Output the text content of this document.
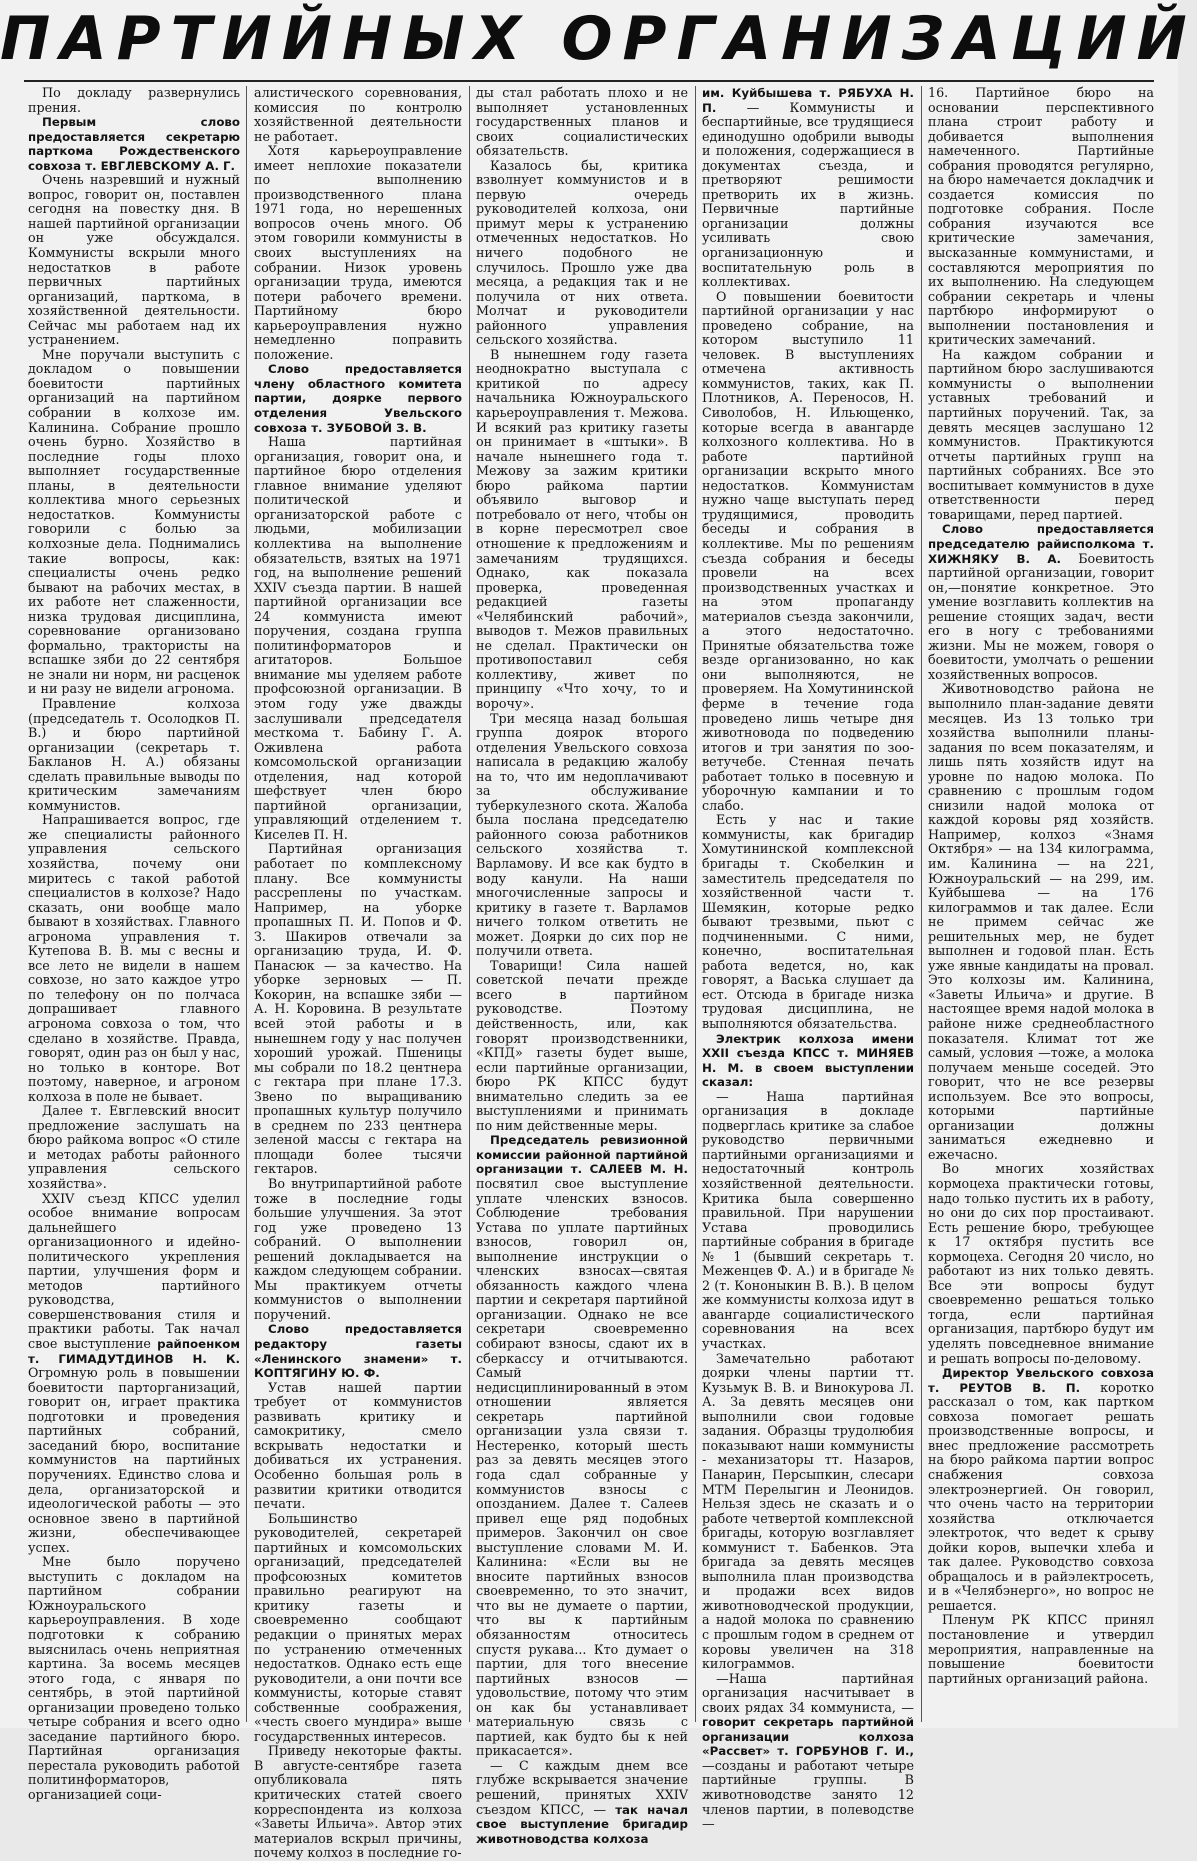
ПАРТИЙНЫХ ОРГАНИЗАЦИЙ

По докладу развернулись прения.

Первым слово предоставляется секретарю парткома Рождественского совхоза т. ЕВГЛЕВСКОМУ А. Г.

Очень назревший и нужный вопрос, говорит он, поставлен сегодня на повестку дня. В нашей партийной организации он уже обсуждался. Коммунисты вскрыли много недостатков в работе первичных партийных организаций, парткома, в хозяйственной деятельности. Сейчас мы работаем над их устранением.

Мне поручали выступить с докладом о повышении боевитости партийных организаций на партийном собрании в колхозе им. Калинина. Собрание прошло очень бурно. Хозяйство в последние годы плохо выполняет государственные планы, в деятельности коллектива много серьезных недостатков. Коммунисты говорили с болью за колхозные дела. Поднимались такие вопросы, как: специалисты очень редко бывают на рабочих местах, в их работе нет слаженности, низка трудовая дисциплина, соревнование организовано формально, трактористы на вспашке зяби до 22 сентября не знали ни норм, ни расценок и ни разу не видели агронома.

Правление колхоза (председатель т. Осолодков П. В.) и бюро партийной организации (секретарь т. Бакланов Н. А.) обязаны сделать правильные выводы по критическим замечаниям коммунистов.

Напрашивается вопрос, где же специалисты районного управления сельского хозяйства, почему они миритесь с такой работой специалистов в колхозе? Надо сказать, они вообще мало бывают в хозяйствах. Главного агронома управления т. Кутепова В. В. мы с весны и все лето не видели в нашем совхозе, но зато каждое утро по телефону он по полчаса допрашивает главного агронома совхоза о том, что сделано в хозяйстве. Правда, говорят, один раз он был у нас, но только в конторе. Вот поэтому, наверное, и агроном колхоза в поле не бывает.

Далее т. Евглевский вносит предложение заслушать на бюро райкома вопрос «О стиле и методах работы районного управления сельского хозяйства».

XXIV съезд КПСС уделил особое внимание вопросам дальнейшего организационного и идейно-политического укрепления партии, улучшения форм и методов партийного руководства, совершенствования стиля и практики работы. Так начал свое выступление райпоенком т. ГИМАДУТДИНОВ Н. К. Огромную роль в повышении боевитости парторганизаций, говорит он, играет практика подготовки и проведения партийных собраний, заседаний бюро, воспитание коммунистов на партийных поручениях. Единство слова и дела, организаторской и идеологической работы — это основное звено в партийной жизни, обеспечивающее успех.

Мне было поручено выступить с докладом на партийном собрании Южноуральского карьероуправления. В ходе подготовки к собранию выяснилась очень неприятная картина. За восемь месяцев этого года, с января по сентябрь, в этой партийной организации проведено только четыре собрания и всего одно заседание партийного бюро. Партийная организация перестала руководить работой политинформаторов, организацией соци-

алистического соревнования, комиссия по контролю хозяйственной деятельности не работает.

Хотя карьероуправление имеет неплохие показатели по выполнению производственного плана 1971 года, но нерешенных вопросов очень много. Об этом говорили коммунисты в своих выступлениях на собрании. Низок уровень организации труда, имеются потери рабочего времени. Партийному бюро карьероуправления нужно немедленно поправить положение.

Слово предоставляется члену областного комитета партии, доярке первого отделения Увельского совхоза т. ЗУБОВОЙ З. В.

Наша партийная организация, говорит она, и партийное бюро отделения главное внимание уделяют политической и организаторской работе с людьми, мобилизации коллектива на выполнение обязательств, взятых на 1971 год, на выполнение решений XXIV съезда партии. В нашей партийной организации все 24 коммуниста имеют поручения, создана группа политинформаторов и агитаторов. Большое внимание мы уделяем работе профсоюзной организации. В этом году уже дважды заслушивали председателя месткома т. Бабину Г. А. Оживлена работа комсомольской организации отделения, над которой шефствует член бюро партийной организации, управляющий отделением т. Киселев П. Н.

Партийная организация работает по комплексному плану. Все коммунисты расcреплены по участкам. Например, на уборке пропашных П. И. Попов и Ф. З. Шакиров отвечали за организацию труда, И. Ф. Панасюк — за качество. На уборке зерновых — П. Кокорин, на вспашке зяби — А. Н. Коровина. В результате всей этой работы и в нынешнем году у нас получен хороший урожай. Пшеницы мы собрали по 18.2 центнера с гектара при плане 17.3. Звено по выращиванию пропашных культур получило в среднем по 233 центнера зеленой массы с гектара на площади более тысячи гектаров.

Во внутрипартийной работе тоже в последние годы большие улучшения. За этот год уже проведено 13 собраний. О выполнении решений докладывается на каждом следующем собрании. Мы практикуем отчеты коммунистов о выполнении поручений.

Слово предоставляется редактору газеты «Ленинского знамени» т. КОПТЯГИНУ Ю. Ф.

Устав нашей партии требует от коммунистов развивать критику и самокритику, смело вскрывать недостатки и добиваться их устранения. Особенно большая роль в развитии критики отводится печати.

Большинство руководителей, секретарей партийных и комсомольских организаций, председателей профсоюзных комитетов правильно реагируют на критику газеты и своевременно сообщают редакции о принятых мерах по устранению отмеченных недостатков. Однако есть еще руководители, а они почти все коммунисты, которые ставят собственные соображения, «честь своего мундира» выше государственных интересов.

Приведу некоторые факты. В августе-сентябре газета опубликовала пять критических статей своего корреспондента из колхоза «Заветы Ильича». Автор этих материалов вскрыл причины, почему колхоз в последние го-

ды стал работать плохо и не выполняет установленных государственных планов и своих социалистических обязательств.

Казалось бы, критика взволнует коммунистов и в первую очередь руководителей колхоза, они примут меры к устранению отмеченных недостатков. Но ничего подобного не случилось. Прошло уже два месяца, а редакция так и не получила от них ответа. Молчат и руководители районного управления сельского хозяйства.

В нынешнем году газета неоднократно выступала с критикой по адресу начальника Южноуральского карьероуправления т. Межова. И всякий раз критику газеты он принимает в «штыки». В начале нынешнего года т. Межову за зажим критики бюро райкома партии объявило выговор и потребовало от него, чтобы он в корне пересмотрел свое отношение к предложениям и замечаниям трудящихся. Однако, как показала проверка, проведенная редакцией газеты «Челябинский рабочий», выводов т. Межов правильных не сделал. Практически он противопоставил себя коллективу, живет по принципу «Что хочу, то и ворочу».

Три месяца назад большая группа доярок второго отделения Увельского совхоза написала в редакцию жалобу на то, что им недоплачивают за обслуживание туберкулезного скота. Жалоба была послана председателю районного союза работников сельского хозяйства т. Варламову. И все как будто в воду канули. На наши многочисленные запросы и критику в газете т. Варламов ничего толком ответить не может. Доярки до сих пор не получили ответа.

Товарищи! Сила нашей советской печати прежде всего в партийном руководстве. Поэтому действенность, или, как говорят производственники, «КПД» газеты будет выше, если партийные организации, бюро РК КПСС будут внимательно следить за ее выступлениями и принимать по ним действенные меры.

Председатель ревизионной комиссии районной партийной организации т. САЛЕЕВ М. Н. посвятил свое выступление уплате членских взносов. Соблюдение требования Устава по уплате партийных взносов, говорил он, выполнение инструкции о членских взносах—святая обязанность каждого члена партии и секретаря партийной организации. Однако не все секретари своевременно собирают взносы, сдают их в сберкассу и отчитываются. Самый недисциплинированный в этом отношении является секретарь партийной организации узла связи т. Нестеренко, который шесть раз за девять месяцев этого года сдал собранные у коммунистов взносы с опозданием. Далее т. Салеев привел еще ряд подобных примеров. Закончил он свое выступление словами М. И. Калинина: «Если вы не вносите партийных взносов своевременно, то это значит, что вы не думаете о партии, что вы к партийным обязанностям относитесь спустя рукава... Кто думает о партии, для того внесение партийных взносов — удовольствие, потому что этим он как бы устанавливает материальную связь с партией, как будто бы к ней прикасается».

— С каждым днем все глубже вскрывается значение решений, принятых XXIV съездом КПСС, — так начал свое выступление бригадир животноводства колхоза

им. Куйбышева т. РЯБУХА Н. П. — Коммунисты и беспартийные, все трудящиеся единодушно одобрили выводы и положения, содержащиеся в документах съезда, и претворяют решимости претворить их в жизнь. Первичные партийные организации должны усиливать свою организационную и воспитательную роль в коллективах.

О повышении боевитости партийной организации у нас проведено собрание, на котором выступило 11 человек. В выступлениях отмечена активность коммунистов, таких, как П. Плотников, А. Переносов, Н. Сиволобов, Н. Ильющенко, которые всегда в авангарде колхозного коллектива. Но в работе партийной организации вскрыто много недостатков. Коммунистам нужно чаще выступать перед трудящимися, проводить беседы и собрания в коллективе. Мы по решениям съезда собрания и беседы провели на всех производственных участках и на этом пропаганду материалов съезда закончили, а этого недостаточно. Принятые обязательства тоже везде организованно, но как они выполняются, не проверяем. На Хомутининской ферме в течение года проведено лишь четыре дня животновода по подведению итогов и три занятия по зооветучебе. Стенная печать работает только в посевную и уборочную кампании и то слабо.

Есть у нас и такие коммунисты, как бригадир Хомутининской комплексной бригады т. Скобелкин и заместитель председателя по хозяйственной части т. Шемякин, которые редко бывают трезвыми, пьют с подчиненными. С ними, конечно, воспитательная работа ведется, но, как говорят, а Васька слушает да ест. Отсюда в бригаде низка трудовая дисциплина, не выполняются обязательства.

Электрик колхоза имени XXII съезда КПСС т. МИНЯЕВ Н. М. в своем выступлении сказал:

— Наша партийная организация в докладе подверглась критике за слабое руководство первичными партийными организациями и недостаточный контроль хозяйственной деятельности. Критика была совершенно правильной. При нарушении Устава проводились партийные собрания в бригаде № 1 (бывший секретарь т. Меженцев Ф. А.) и в бригаде № 2 (т. Кононыкин В. В.). В целом же коммунисты колхоза идут в авангарде социалистического соревнования на всех участках.

Замечательно работают доярки члены партии тт. Кузьмук В. В. и Винокурова Л. А. За девять месяцев они выполнили свои годовые задания. Образцы трудолюбия показывают наши коммунисты - механизаторы тт. Назаров, Панарин, Персыпкин, слесари МТМ Перелыгин и Леонидов. Нельзя здесь не сказать и о работе четвертой комплексной бригады, которую возглавляет коммунист т. Бабенков. Эта бригада за девять месяцев выполнила план производства и продажи всех видов животноводческой продукции, а надой молока по сравнению с прошлым годом в среднем от коровы увеличен на 318 килограммов.

—Наша партийная организация насчитывает в своих рядах 34 коммуниста, — говорит секретарь партийной организации колхоза «Рассвет» т. ГОРБУНОВ Г. И., —созданы и работают четыре партийные группы. В животноводстве занято 12 членов партии, в полеводстве —

16. Партийное бюро на основании перспективного плана строит работу и добивается выполнения намеченного. Партийные собрания проводятся регулярно, на бюро намечается докладчик и создается комиссия по подготовке собрания. После собрания изучаются все критические замечания, высказанные коммунистами, и составляются мероприятия по их выполнению. На следующем собрании секретарь и члены партбюро информируют о выполнении постановления и критических замечаний.

На каждом собрании и партийном бюро заслушиваются коммунисты о выполнении уставных требований и партийных поручений. Так, за девять месяцев заслушано 12 коммунистов. Практикуются отчеты партийных групп на партийных собраниях. Все это воспитывает коммунистов в духе ответственности перед товарищами, перед партией.

Слово предоставляется председателю райисполкома т. ХИЖНЯКУ В. А. Боевитость партийной организации, говорит он,—понятие конкретное. Это умение возглавить коллектив на решение стоящих задач, вести его в ногу с требованиями жизни. Мы не можем, говоря о боевитости, умолчать о решении хозяйственных вопросов.

Животноводство района не выполнило план-задание девяти месяцев. Из 13 только три хозяйства выполнили планы-задания по всем показателям, и лишь пять хозяйств идут на уровне по надою молока. По сравнению с прошлым годом снизили надой молока от каждой коровы ряд хозяйств. Например, колхоз «Знамя Октября» — на 134 килограмма, им. Калинина — на 221, Южноуральский — на 299, им. Куйбышева — на 176 килограммов и так далее. Если не примем сейчас же решительных мер, не будет выполнен и годовой план. Есть уже явные кандидаты на провал. Это колхозы им. Калинина, «Заветы Ильича» и другие. В настоящее время надой молока в районе ниже среднеобластного показателя. Климат тот же самый, условия —тоже, а молока получаем меньше соседей. Это говорит, что не все резервы используем. Все это вопросы, которыми партийные организации должны заниматься ежедневно и ежечасно.

Во многих хозяйствах кормоцеха практически готовы, надо только пустить их в работу, но они до сих пор простаивают. Есть решение бюро, требующее к 17 октября пустить все кормоцеха. Сегодня 20 число, но работают из них только девять. Все эти вопросы будут своевременно решаться только тогда, если партийная организация, партбюро будут им уделять повседневное внимание и решать вопросы по-деловому.

Директор Увельского совхоза т. РЕУТОВ В. П. коротко рассказал о том, как партком совхоза помогает решать производственные вопросы, и внес предложение рассмотреть на бюро райкома партии вопрос снабжения совхоза электроэнергией. Он говорил, что очень часто на территории хозяйства отключается электроток, что ведет к срыву дойки коров, выпечки хлеба и так далее. Руководство совхоза обращалось и в райэлектросеть, и в «Челябэнерго», но вопрос не решается.

Пленум РК КПСС принял постановление и утвердил мероприятия, направленные на повышение боевитости партийных организаций района.
